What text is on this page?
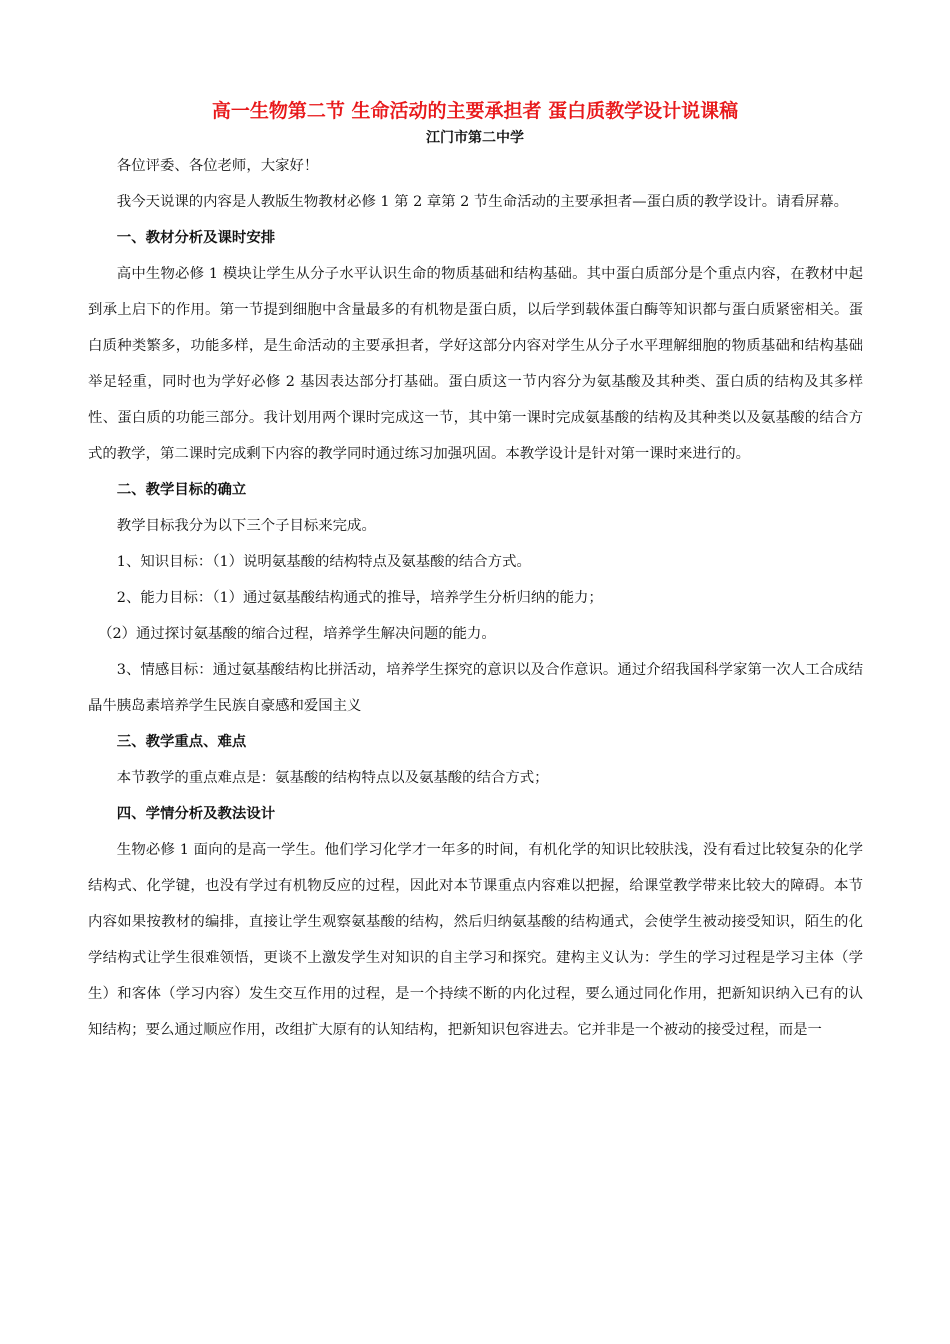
高一生物第二节 生命活动的主要承担者 蛋白质教学设计说课稿
江门市第二中学

各位评委、各位老师，大家好！

我今天说课的内容是人教版生物教材必修 1 第 2 章第 2 节生命活动的主要承担者—蛋白质的教学设计。请看屏幕。

一、教材分析及课时安排

高中生物必修 1 模块让学生从分子水平认识生命的物质基础和结构基础。其中蛋白质部分是个重点内容，在教材中起到承上启下的作用。第一节提到细胞中含量最多的有机物是蛋白质，以后学到载体蛋白酶等知识都与蛋白质紧密相关。蛋白质种类繁多，功能多样，是生命活动的主要承担者，学好这部分内容对学生从分子水平理解细胞的物质基础和结构基础举足轻重，同时也为学好必修 2 基因表达部分打基础。蛋白质这一节内容分为氨基酸及其种类、蛋白质的结构及其多样性、蛋白质的功能三部分。我计划用两个课时完成这一节，其中第一课时完成氨基酸的结构及其种类以及氨基酸的结合方式的教学，第二课时完成剩下内容的教学同时通过练习加强巩固。本教学设计是针对第一课时来进行的。

二、教学目标的确立

教学目标我分为以下三个子目标来完成。

1、知识目标：（1）说明氨基酸的结构特点及氨基酸的结合方式。

2、能力目标：（1）通过氨基酸结构通式的推导，培养学生分析归纳的能力；

（2）通过探讨氨基酸的缩合过程，培养学生解决问题的能力。

3、情感目标：通过氨基酸结构比拼活动，培养学生探究的意识以及合作意识。通过介绍我国科学家第一次人工合成结晶牛胰岛素培养学生民族自豪感和爱国主义

三、教学重点、难点

本节教学的重点难点是：氨基酸的结构特点以及氨基酸的结合方式；

四、学情分析及教法设计

生物必修 1 面向的是高一学生。他们学习化学才一年多的时间，有机化学的知识比较肤浅，没有看过比较复杂的化学结构式、化学键，也没有学过有机物反应的过程，因此对本节课重点内容难以把握，给课堂教学带来比较大的障碍。本节内容如果按教材的编排，直接让学生观察氨基酸的结构，然后归纳氨基酸的结构通式，会使学生被动接受知识，陌生的化学结构式让学生很难领悟，更谈不上激发学生对知识的自主学习和探究。建构主义认为：学生的学习过程是学习主体（学生）和客体（学习内容）发生交互作用的过程，是一个持续不断的内化过程，要么通过同化作用，把新知识纳入已有的认知结构；要么通过顺应作用，改组扩大原有的认知结构，把新知识包容进去。它并非是一个被动的接受过程，而是一
